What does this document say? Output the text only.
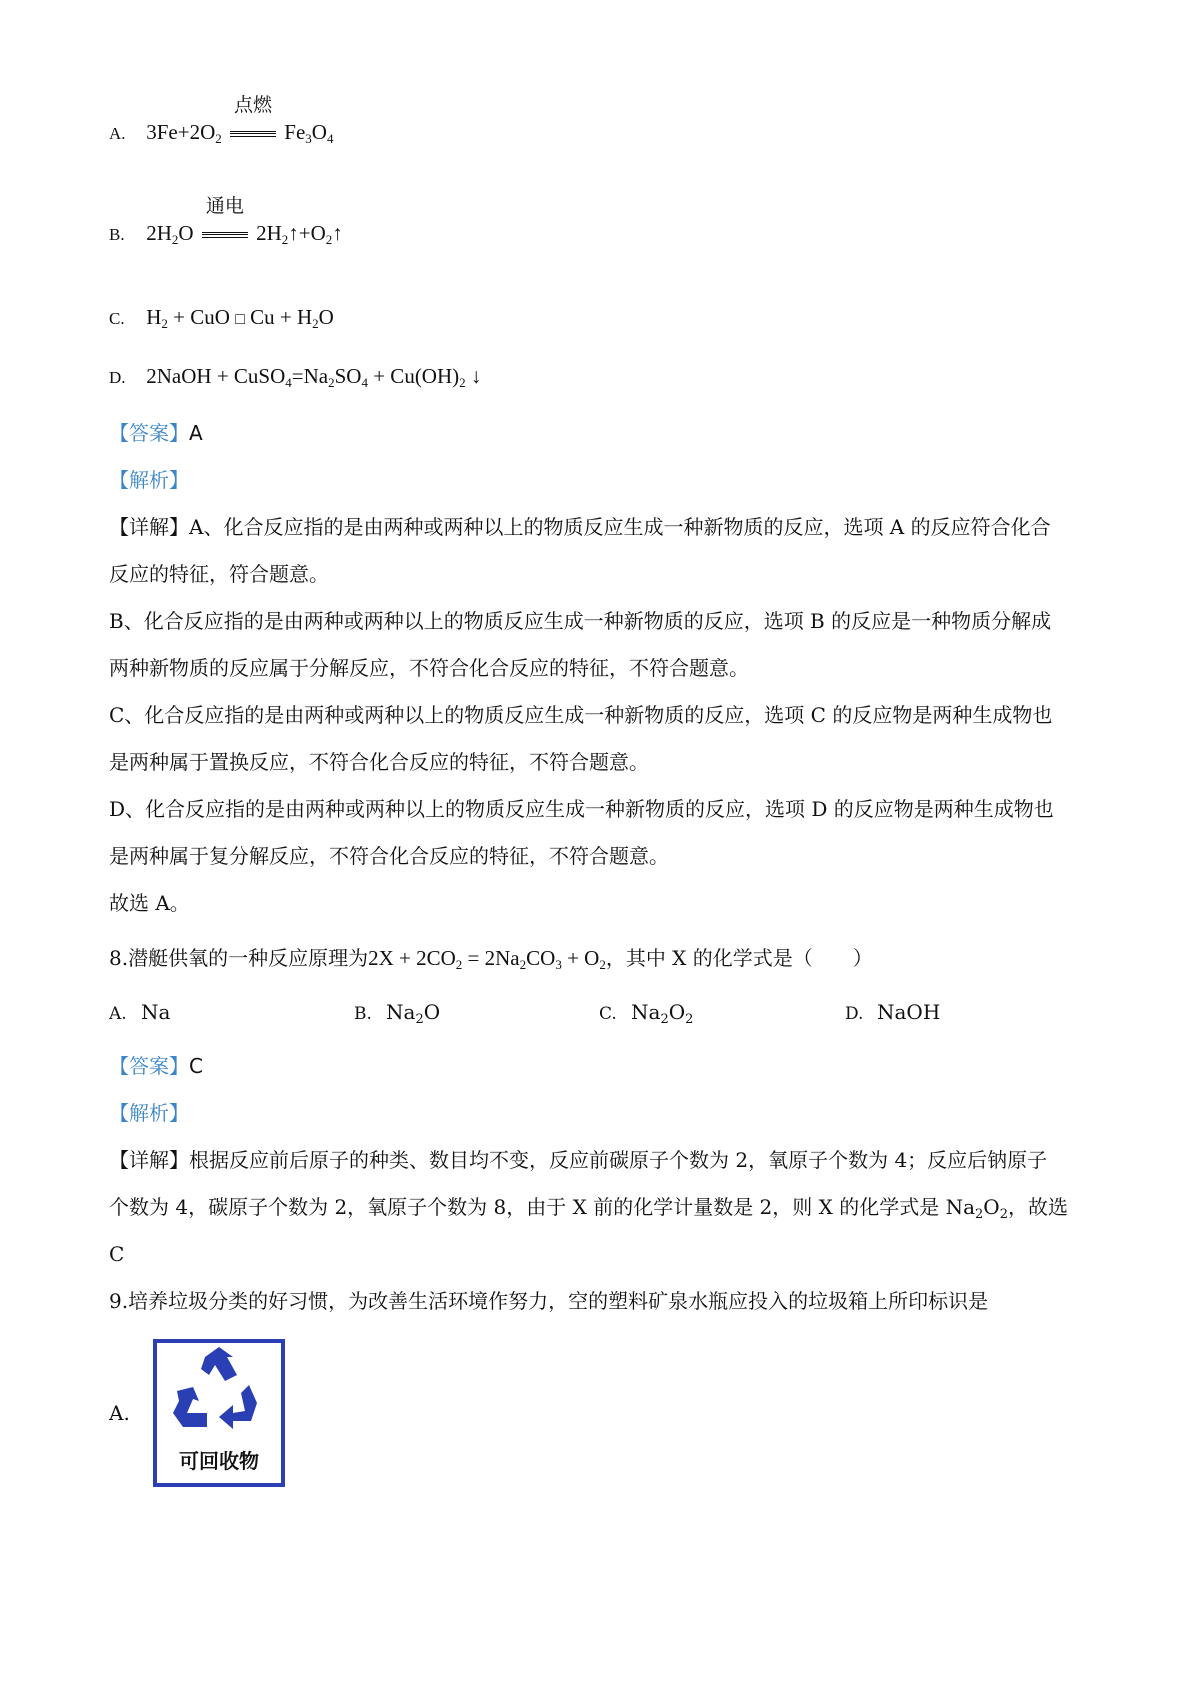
A. $3Fe+2O_2$
点燃
$Fe_3O_4$
B. $2H_2O$
通电
$2H_2↑+O_2↑$
C. $H_2$ + CuO □ $Cu + H_2O$
D. 2NaOH + $CuSO_4=Na_2SO_4 + Cu(OH)_2$ ↓
【答案】A
【解析】
【详解】A、化合反应指的是由两种或两种以上的物质反应生成一种新物质的反应，选项 A 的反应符合化合
反应的特征，符合题意。
B、化合反应指的是由两种或两种以上的物质反应生成一种新物质的反应，选项 B 的反应是一种物质分解成
两种新物质的反应属于分解反应，不符合化合反应的特征，不符合题意。
C、化合反应指的是由两种或两种以上的物质反应生成一种新物质的反应，选项 C 的反应物是两种生成物也
是两种属于置换反应，不符合化合反应的特征，不符合题意。
D、化合反应指的是由两种或两种以上的物质反应生成一种新物质的反应，选项 D 的反应物是两种生成物也
是两种属于复分解反应，不符合化合反应的特征，不符合题意。
故选 A。
8.潜艇供氧的一种反应原理为$2X + 2CO_2 = 2Na_2CO_3 + O_2$，其中 X 的化学式是（　　）
A. Na	B. $Na_2O$	C. $Na_2O_2$	D. NaOH
【答案】C
【解析】
【详解】根据反应前后原子的种类、数目均不变，反应前碳原子个数为 2，氧原子个数为 4；反应后钠原子
个数为 4，碳原子个数为 2，氧原子个数为 8，由于 X 前的化学计量数是 2，则 X 的化学式是 $Na_2O_2$，故选
C
9.培养垃圾分类的好习惯，为改善生活环境作努力，空的塑料矿泉水瓶应投入的垃圾箱上所印标识是
A.
可回收物
